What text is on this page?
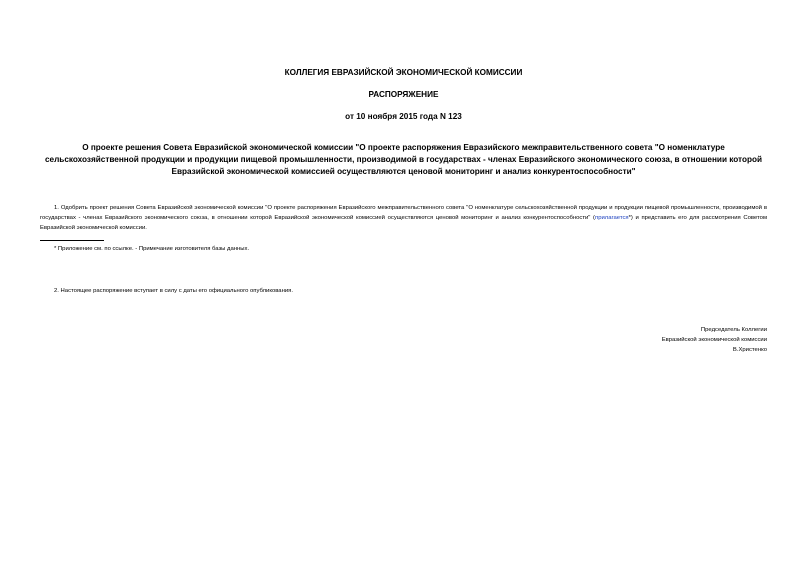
КОЛЛЕГИЯ ЕВРАЗИЙСКОЙ ЭКОНОМИЧЕСКОЙ КОМИССИИ

РАСПОРЯЖЕНИЕ

от 10 ноября 2015 года N 123

О проекте решения Совета Евразийской экономической комиссии "О проекте распоряжения Евразийского межправительственного совета "О номенклатуре сельскохозяйственной продукции и продукции пищевой промышленности, производимой в государствах - членах Евразийского экономического союза, в отношении которой Евразийской экономической комиссией осуществляются ценовой мониторинг и анализ конкурентоспособности"

1. Одобрить проект решения Совета Евразийской экономической комиссии "О проекте распоряжения Евразийского межправительственного совета "О номенклатуре сельскохозяйственной продукции и продукции пищевой промышленности, производимой в государствах - членах Евразийского экономического союза, в отношении которой Евразийской экономической комиссией осуществляются ценовой мониторинг и анализ конкурентоспособности" (прилагается*) и представить его для рассмотрения Советом Евразийской экономической комиссии.

* Приложение см. по ссылке. - Примечание изготовителя базы данных.

2. Настоящее распоряжение вступает в силу с даты его официального опубликования.

Председатель Коллегии
Евразийской экономической комиссии
В.Христенко
